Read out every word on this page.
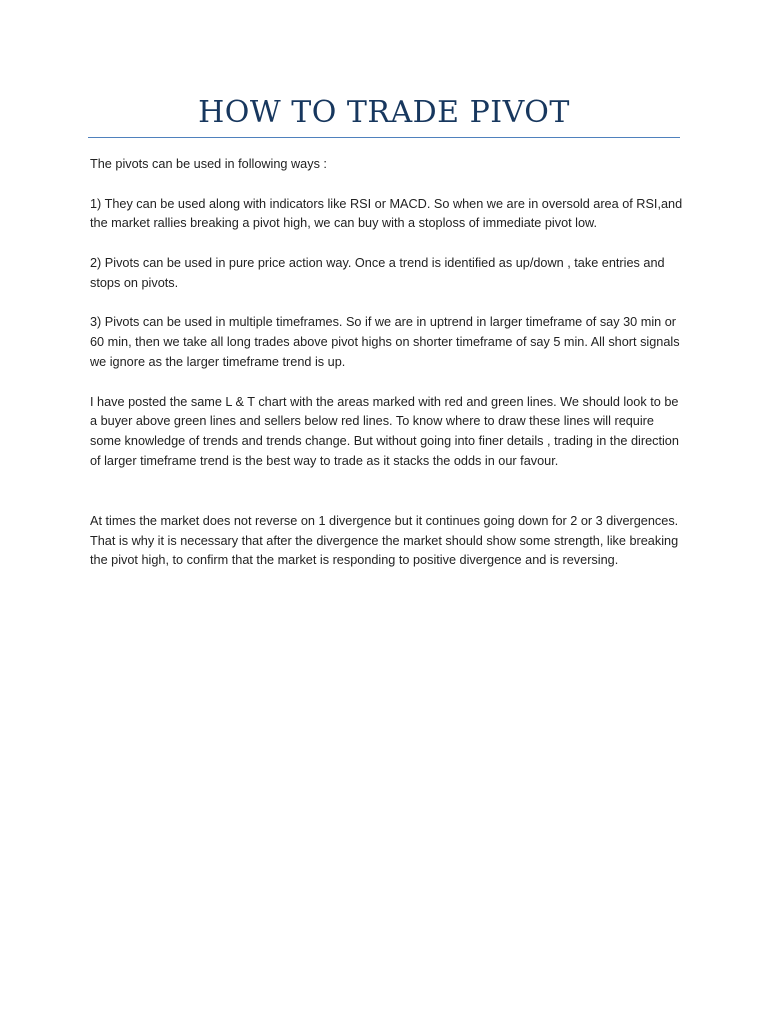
HOW TO TRADE PIVOT

The pivots can be used in following ways :

1) They can be used along with indicators like RSI or MACD. So when we are in oversold area of RSI,and the market rallies breaking a pivot high, we can buy with a stoploss of immediate pivot low.

2) Pivots can be used in pure price action way. Once a trend is identified as up/down , take entries and stops on pivots.

3) Pivots can be used in multiple timeframes. So if we are in uptrend in larger timeframe of say 30 min or 60 min, then we take all long trades above pivot highs on shorter timeframe of say 5 min. All short signals we ignore as the larger timeframe trend is up.

I have posted the same L & T chart with the areas marked with red and green lines. We should look to be a buyer above green lines and sellers below red lines. To know where to draw these lines will require some knowledge of trends and trends change. But without going into finer details , trading in the direction of larger timeframe trend is the best way to trade as it stacks the odds in our favour.

At times the market does not reverse on 1 divergence but it continues going down for 2 or 3 divergences. That is why it is necessary that after the divergence the market should show some strength, like breaking the pivot high, to confirm that the market is responding to positive divergence and is reversing.
